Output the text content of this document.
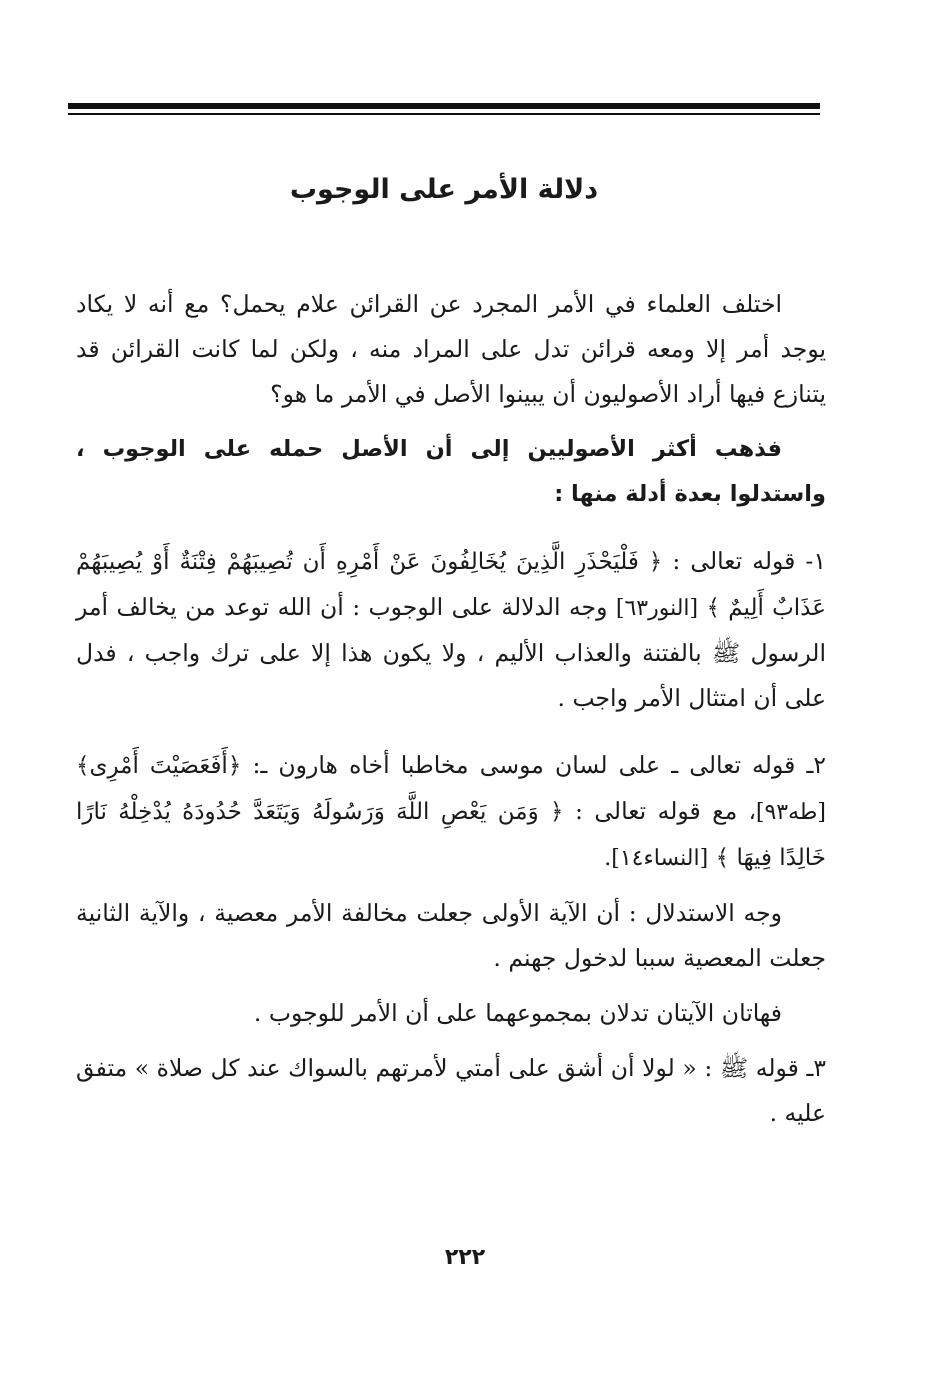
دلالة الأمر على الوجوب

اختلف العلماء في الأمر المجرد عن القرائن علام يحمل؟ مع أنه لا يكاد يوجد أمر إلا ومعه قرائن تدل على المراد منه ، ولكن لما كانت القرائن قد يتنازع فيها أراد الأصوليون أن يبينوا الأصل في الأمر ما هو؟

فذهب أكثر الأصوليين إلى أن الأصل حمله على الوجوب ، واستدلوا بعدة أدلة منها :

١- قوله تعالى : ﴿ فَلْيَحْذَرِ الَّذِينَ يُخَالِفُونَ عَنْ أَمْرِهِ أَن تُصِيبَهُمْ فِتْنَةٌ أَوْ يُصِيبَهُمْ عَذَابٌ أَلِيمٌ ﴾ [النور٦٣] وجه الدلالة على الوجوب : أن الله توعد من يخالف أمر الرسول ﷺ بالفتنة والعذاب الأليم ، ولا يكون هذا إلا على ترك واجب ، فدل على أن امتثال الأمر واجب .

٢ـ قوله تعالى ـ على لسان موسى مخاطبا أخاه هارون ـ: ﴿أَفَعَصَيْتَ أَمْرِى﴾ [طه٩٣]، مع قوله تعالى : ﴿ وَمَن يَعْصِ اللَّهَ وَرَسُولَهُ وَيَتَعَدَّ حُدُودَهُ يُدْخِلْهُ نَارًا خَالِدًا فِيهَا ﴾ [النساء١٤].

وجه الاستدلال : أن الآية الأولى جعلت مخالفة الأمر معصية ، والآية الثانية جعلت المعصية سببا لدخول جهنم .

فهاتان الآيتان تدلان بمجموعهما على أن الأمر للوجوب .

٣ـ قوله ﷺ : « لولا أن أشق على أمتي لأمرتهم بالسواك عند كل صلاة » متفق عليه .

٢٢٢
